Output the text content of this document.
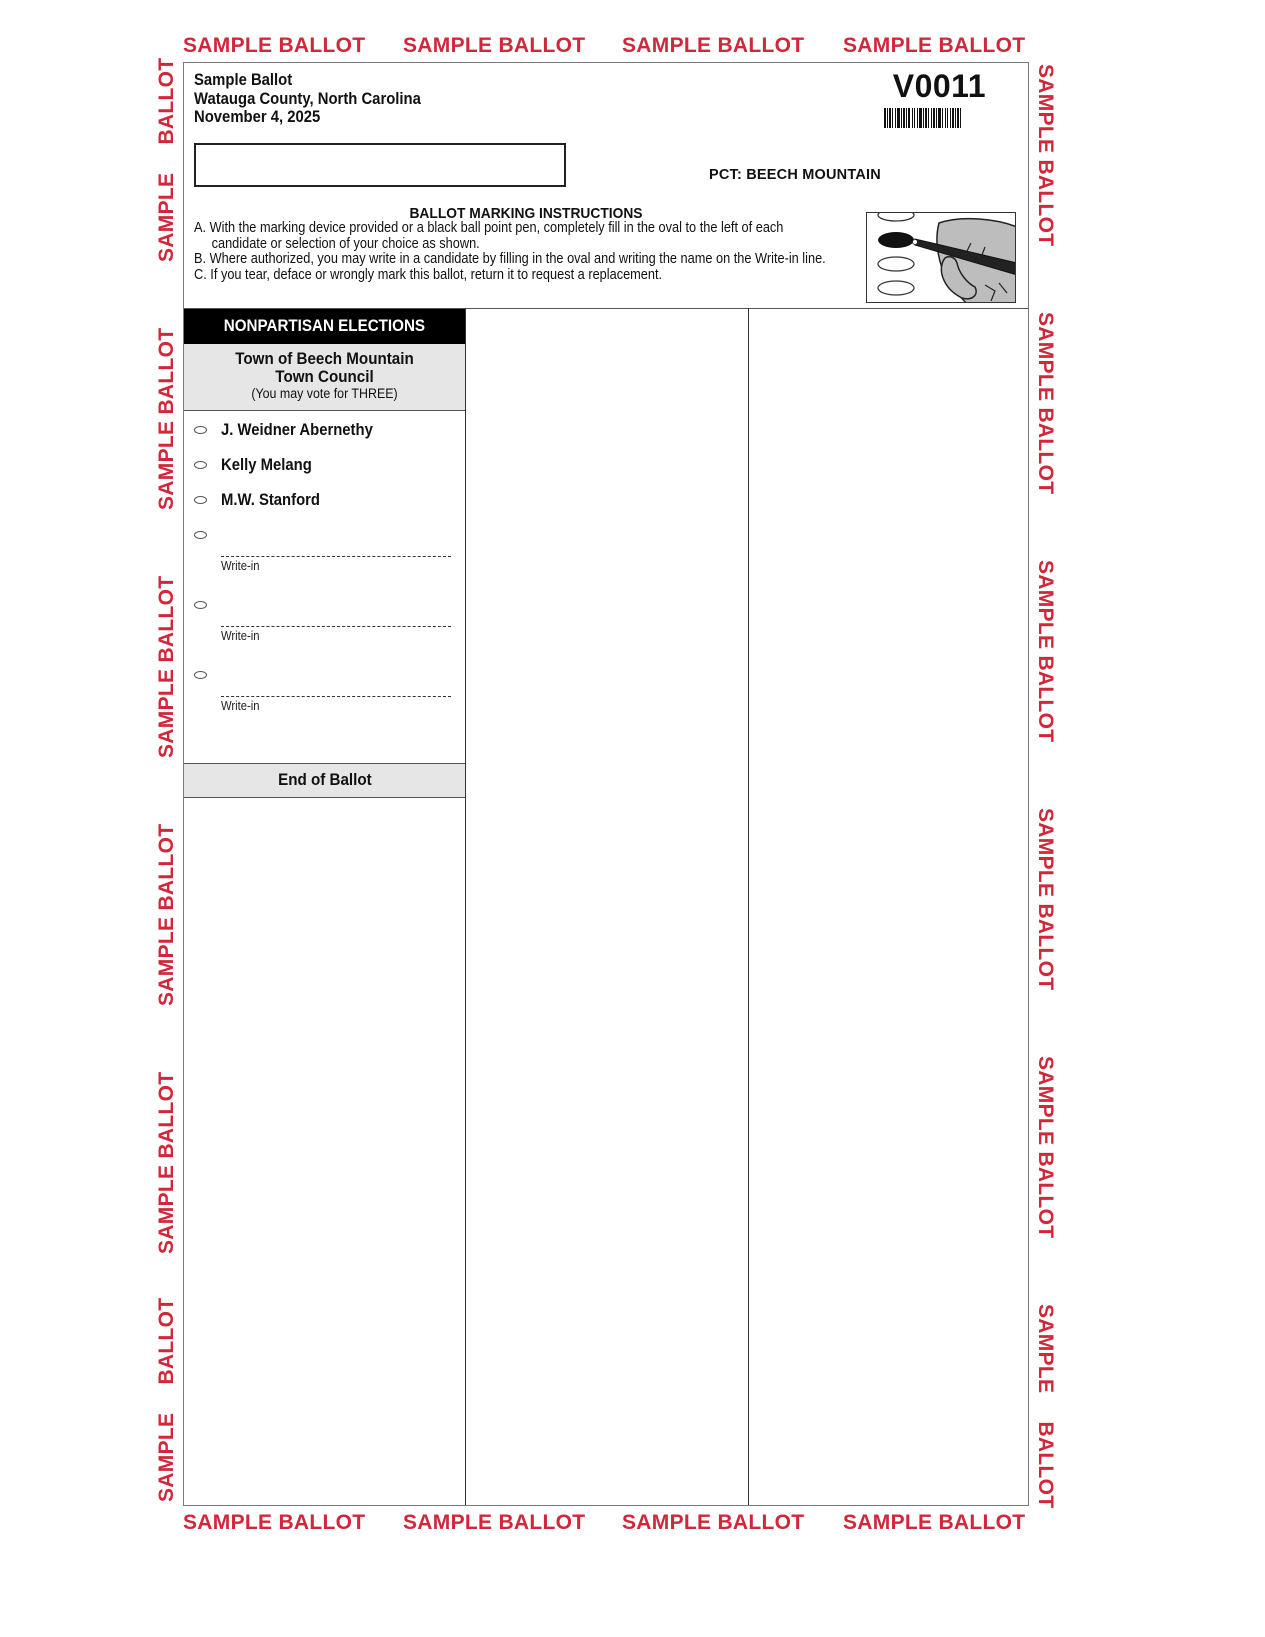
SAMPLE BALLOT SAMPLE BALLOT SAMPLE BALLOT SAMPLE BALLOT
SAMPLE BALLOT SAMPLE BALLOT SAMPLE BALLOT SAMPLE BALLOT
SAMPLE BALLOT
SAMPLE BALLOT
SAMPLE BALLOT
SAMPLE BALLOT
SAMPLE BALLOT
SAMPLE BALLOT
SAMPLE BALLOT
SAMPLE BALLOT
SAMPLE BALLOT
SAMPLE BALLOT
SAMPLE BALLOT
SAMPLE BALLOT
Sample Ballot
Watauga County, North Carolina
November 4, 2025
V0011
PCT: BEECH MOUNTAIN
BALLOT MARKING INSTRUCTIONS

A. With the marking device provided or a black ball point pen, completely fill in the oval to the left of each candidate or selection of your choice as shown.

B. Where authorized, you may write in a candidate by filling in the oval and writing the name on the Write-in line.

C. If you tear, deface or wrongly mark this ballot, return it to request a replacement.

NONPARTISAN ELECTIONS
Town of Beech Mountain
Town Council
(You may vote for THREE)
J. Weidner Abernethy
Kelly Melang
M.W. Stanford
Write-in
Write-in
Write-in
End of Ballot
